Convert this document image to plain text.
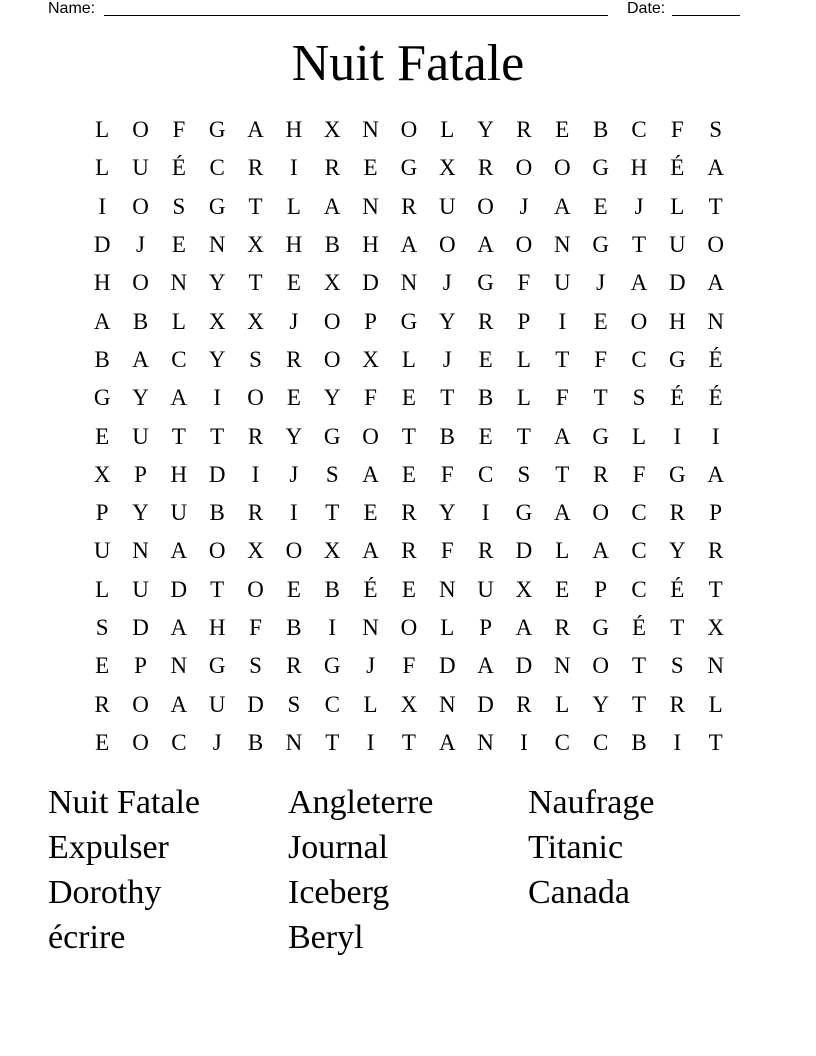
Name:	Date:
Nuit Fatale
L	O	F	G A H X N O	L	Y R	E	B	C	F	S
L	U	É	C	R	I	R	E	G X R O O G H	É	A
I	O	S	G	T	L	A N R U O	J	A	E	J	L	T
D	J	E	N X H B H A O A O N G	T	U O
H O N Y	T	E	X D N	J	G	F	U	J	A D A
A B	L	X X	J	O	P	G Y R	P	I	E	O H N
B A C Y	S	R O X	L	J	E	L	T	F	C G	É
G Y A	I	O	E	Y	F	E	T	B	L	F	T	S	É	É
E	U	T	T	R Y G O	T	B	E	T	A G	L	I	I
X	P	H D	I	J	S	A	E	F	C	S	T	R	F	G A
P	Y U B	R	I	T	E	R Y	I	G A O C	R	P
U N A O X O X A R	F	R D	L	A C Y R
L	U D	T	O	E	B	É	E	N U X	E	P	C	É	T
S	D A H	F	B	I	N O	L	P	A R G	É	T	X
E	P	N G	S	R G	J	F	D A D N O	T	S	N
R O A U D	S	C	L	X N D R	L	Y	T	R	L
E	O C	J	B N	T	I	T	A N	I	C	C	B	I	T
Nuit Fatale	Angleterre	Naufrage
Expulser	Journal	Titanic
Dorothy	Iceberg	Canada
écrire	Beryl
